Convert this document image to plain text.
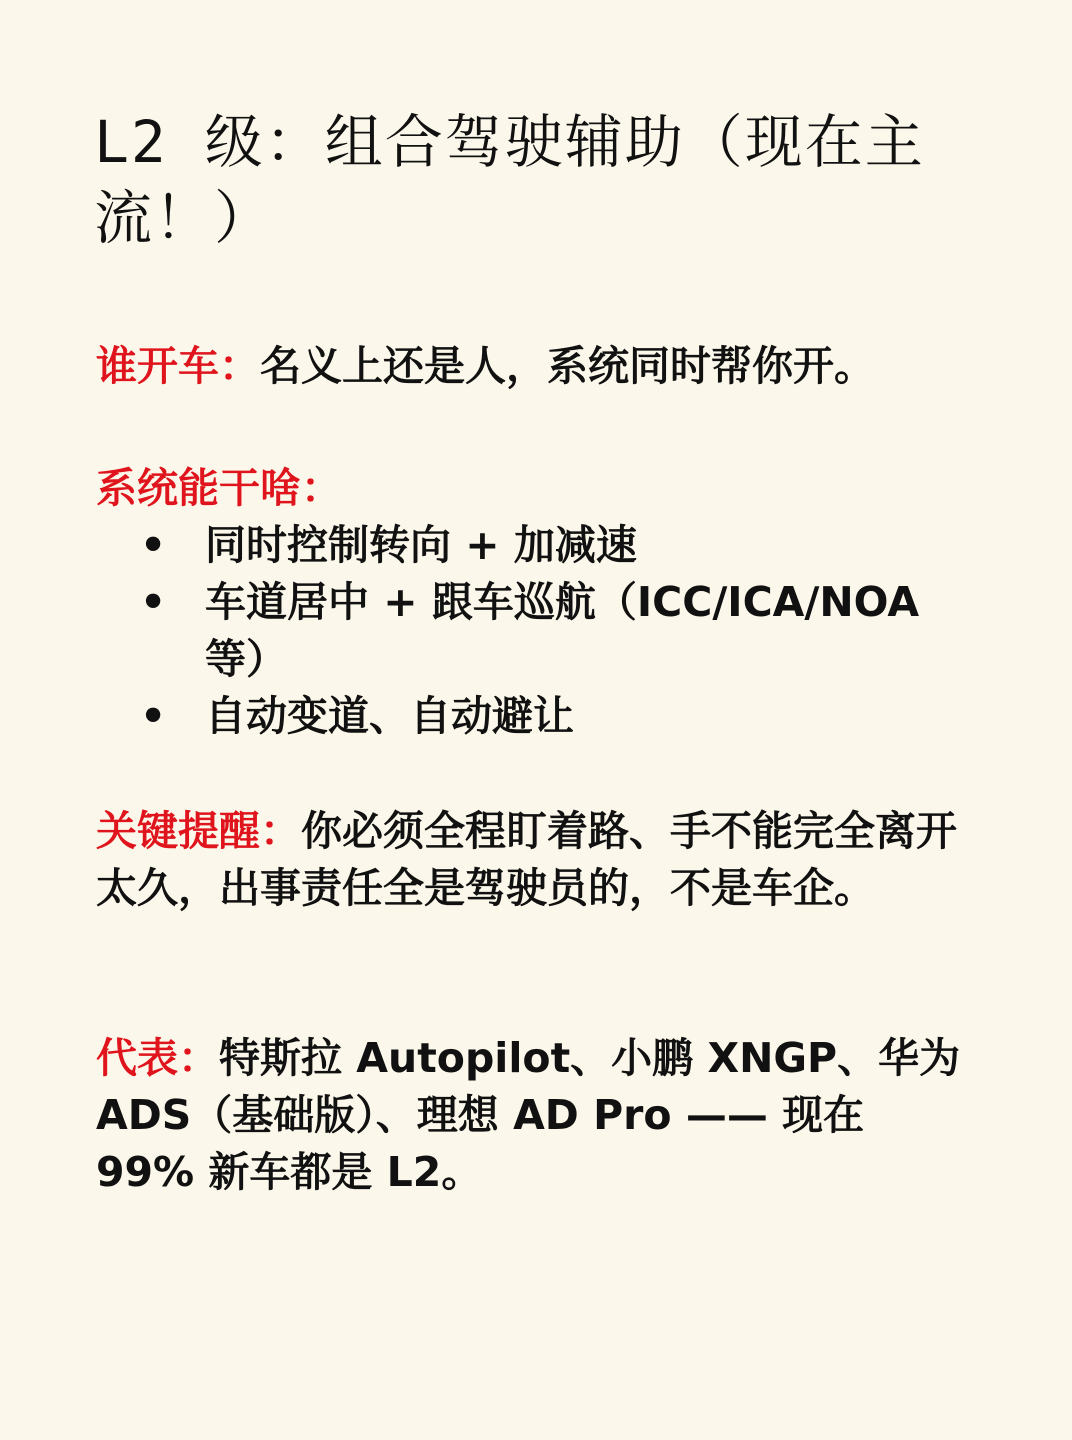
L2 级：组合驾驶辅助（现在主流！）

谁开车：名义上还是人，系统同时帮你开。

系统能干啥：

• 同时控制转向 + 加减速
• 车道居中 + 跟车巡航（ICC/ICA/NOA 等）
• 自动变道、自动避让

关键提醒：你必须全程盯着路、手不能完全离开太久，出事责任全是驾驶员的，不是车企。

代表：特斯拉 Autopilot、小鹏 XNGP、华为 ADS（基础版）、理想 AD Pro —— 现在 99% 新车都是 L2。
